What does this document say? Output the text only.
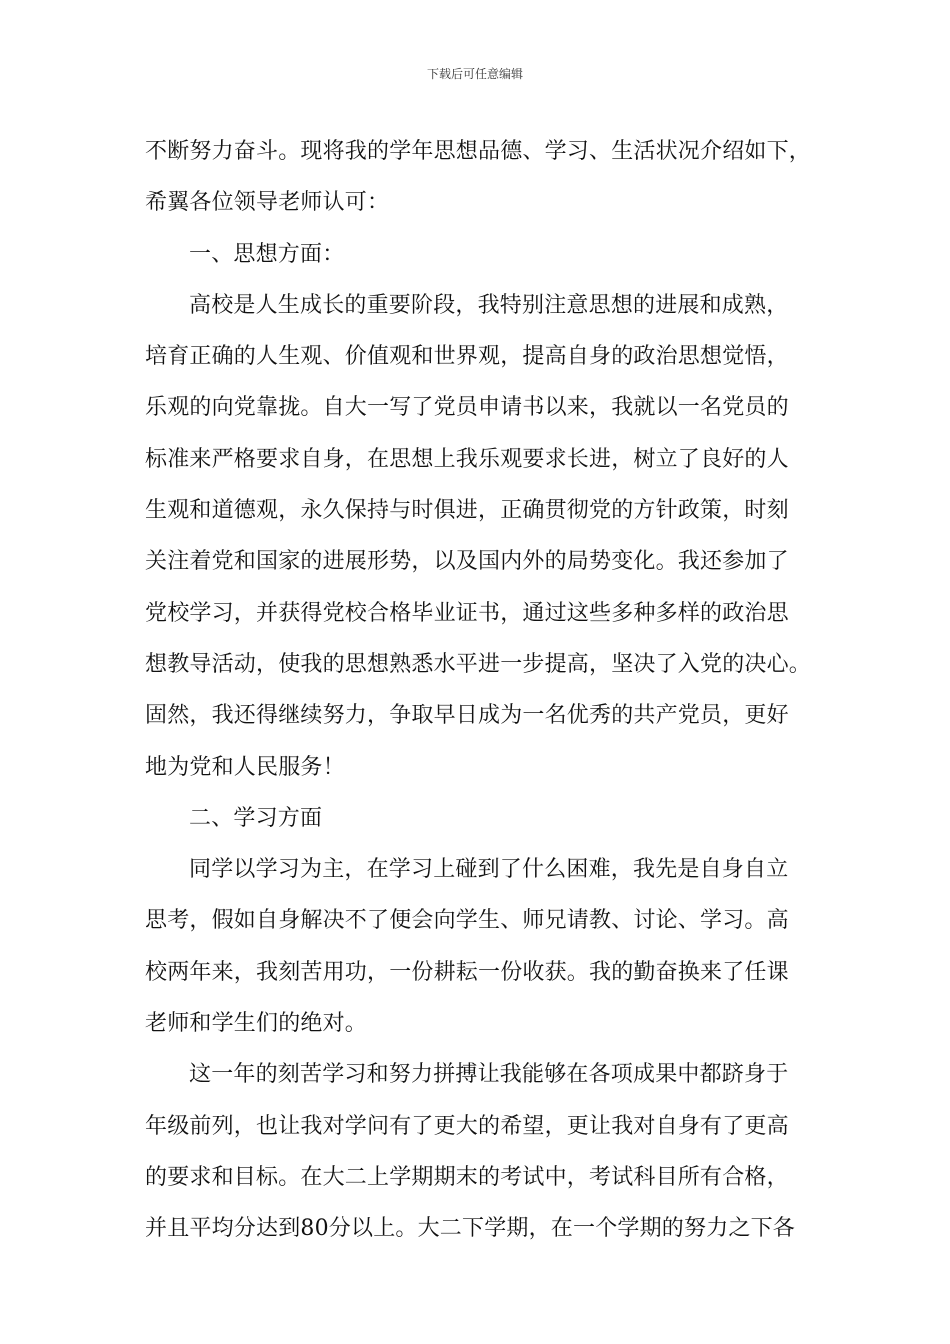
下载后可任意编辑
不断努力奋斗。现将我的学年思想品德、学习、生活状况介绍如下，
希翼各位领导老师认可：
一、思想方面：
高校是人生成长的重要阶段，我特别注意思想的进展和成熟，
培育正确的人生观、价值观和世界观，提高自身的政治思想觉悟，
乐观的向党靠拢。自大一写了党员申请书以来，我就以一名党员的
标准来严格要求自身，在思想上我乐观要求长进，树立了良好的人
生观和道德观，永久保持与时俱进，正确贯彻党的方针政策，时刻
关注着党和国家的进展形势，以及国内外的局势变化。我还参加了
党校学习，并获得党校合格毕业证书，通过这些多种多样的政治思
想教导活动，使我的思想熟悉水平进一步提高，坚决了入党的决心。
固然，我还得继续努力，争取早日成为一名优秀的共产党员，更好
地为党和人民服务！
二、学习方面
同学以学习为主，在学习上碰到了什么困难，我先是自身自立
思考，假如自身解决不了便会向学生、师兄请教、讨论、学习。高
校两年来，我刻苦用功，一份耕耘一份收获。我的勤奋换来了任课
老师和学生们的绝对。
这一年的刻苦学习和努力拼搏让我能够在各项成果中都跻身于
年级前列，也让我对学问有了更大的希望，更让我对自身有了更高
的要求和目标。在大二上学期期末的考试中，考试科目所有合格，
并且平均分达到80分以上。大二下学期，在一个学期的努力之下各
